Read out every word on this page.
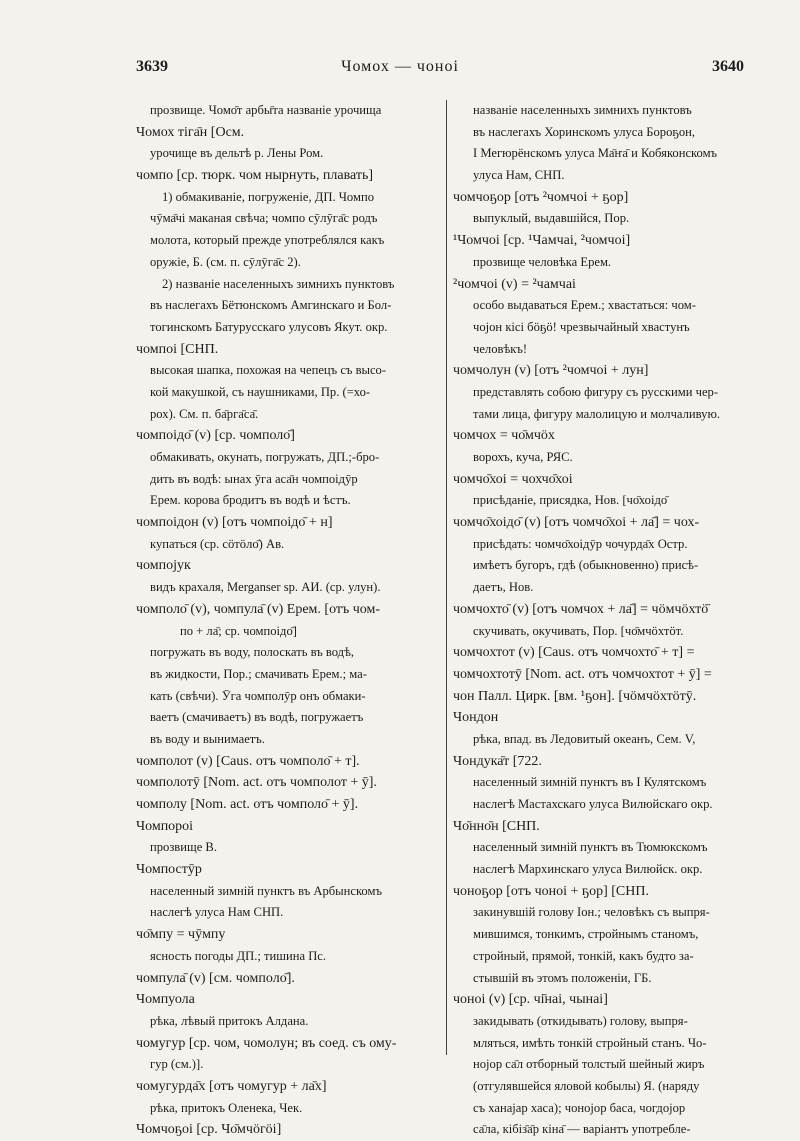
3639	Чомох — чоноі	3640
прозвище. Чомо̄т арбы̄та названіе урочища
Чомох тіга̄н [Осм.
урочище въ дельтѣ р. Лены Ром.
чомпо [ср. тюрк. чом нырнуть, плавать]
1) обмакиваніе, погруженіе, ДП. Чомпо
чӯма̄чі маканая свѣча; чомпо сӯлӯга̄с родъ
молота, который прежде употреблялся какъ
оружіе, Б. (см. п. сӯлӯга̄с 2).
2) названіе населенныхъ зимнихъ пунктовъ
въ наслегахъ Бётюнскомъ Амгинскаго и Бол-
тогинскомъ Батурусскаго улусовъ Якут. окр.
чомпоі [СНП.
высокая шапка, похожая на чепецъ съ высо-
кой макушкой, съ наушниками, Пр. (=хо-
рох). См. п. ба̄рга̄са̄.
чомпоідо̄ (v) [ср. чомполо̄]
обмакивать, окунать, погружать, ДП.;-бро-
дить въ водѣ: ынах ӯга аса̄н чомпоідӯр
Ерем. корова бродитъ въ водѣ и ѣстъ.
чомпоідон (v) [отъ чомпоідо̄ + н]
купаться (ср. сӧтӧло̄) Ав.
чомпоjук
видъ крахаля, Merganser sp. АИ. (ср. улун).
чомполо̄ (v), чомпула̄ (v) Ерем. [отъ чом-
по + ла̄; ср. чомпоідо̄]
погружать въ воду, полоскать въ водѣ,
въ жидкости, Пор.; смачивать Ерем.; ма-
кать (свѣчи). Ӯга чомполӯр онъ обмаки-
ваетъ (смачиваетъ) въ водѣ, погружаетъ
въ воду и вынимаетъ.
чомполот (v) [Caus. отъ чомполо̄ + т].
чомполотӯ [Nom. act. отъ чомполот + ӯ].
чомполу [Nom. act. отъ чомполо̄ + ӯ].
Чомпороі
прозвище В.
Чомпостӯр
населенный зимній пунктъ въ Арбынскомъ
наслегѣ улуса Нам СНП.
чо̄мпу = чӯмпу
ясность погоды ДП.; тишина Пс.
чомпула̄ (v) [см. чомполо̄].
Чомпуола
рѣка, лѣвый притокъ Алдана.
чомугур [ср. чом, чомолун; въ соед. съ ому-
гур (см.)].
чомугурда̄х [отъ чомугур + ла̄х]
рѣка, притокъ Оленека, Чек.
Чомчоҕоі [ср. Чо̄мчӧгӧі]
названіе населенныхъ зимнихъ пунктовъ
въ наслегахъ Хоринскомъ улуса Бороҕон,
I Мегюрёнскомъ улуса Ма̄ҥа̄ и Кобяконскомъ
улуса Нам, СНП.
чомчоҕор [отъ ²чомчоі + ҕор]
выпуклый, выдавшійся, Пор.
¹Чомчоі [ср. ¹Чамчаі, ²чомчоі]
прозвище человѣка Ерем.
²чомчоі (v) = ²чамчаі
особо выдаваться Ерем.; хвастаться: чом-
чоjон кісі бӧҕӧ! чрезвычайный хвастунъ
человѣкъ!
чомчолун (v) [отъ ²чомчоі + лун]
представлять собою фигуру съ русскими чер-
тами лица, фигуру малолицую и молчаливую.
чомчох = чо̄мчӧх
ворохъ, куча, РЯС.
чомчо̄хоі = чохчо̄хоі
присѣданіе, присядка, Нов. [чо̄хоідо̄
чомчо̄хоідо̄ (v) [отъ чомчо̄хоі + ла̄] = чох-
присѣдать: чомчо̄хоідӯр чочурда̄х Остр.
имѣетъ бугоръ, гдѣ (обыкновенно) присѣ-
даетъ, Нов.
чомчохто̄ (v) [отъ чомчох + ла̄] = чӧмчӧхтӧ̄
скучивать, окучивать, Пор. [чо̄мчӧхтӧт.
чомчохтот (v) [Caus. отъ чомчохто̄ + т] =
чомчохтотӯ [Nom. act. отъ чомчохтот + ӯ] =
чон Палл. Цирк. [вм. ¹ҕон]. [чӧмчӧхтӧтӯ.
Чондон
рѣка, впад. въ Ледовитый океанъ, Сем. V,
Чондука̄т [722.
населенный зимній пунктъ въ I Кулятскомъ
наслегѣ Мастахскаго улуса Вилюйскаго окр.
Чо̄нно̄н [СНП.
населенный зимній пунктъ въ Тюмюкскомъ
наслегѣ Мархинскаго улуса Вилюйск. окр.
чоноҕор [отъ чоноі + ҕор] [СНП.
закинувшій голову Іон.; человѣкъ съ выпря-
мившимся, тонкимъ, стройнымъ станомъ,
стройный, прямой, тонкій, какъ будто за-
стывшій въ этомъ положеніи, ГБ.
чоноі (v) [ср. чі̄наі, чынаі]
закидывать (откидывать) голову, выпря-
мляться, имѣть тонкій стройный станъ. Чо-
ноjор са̄л отборный толстый шейный жиръ
(отгулявшейся яловой кобылы) Я. (наряду
съ ханаjар хаса); чоноjор баса, чогдоjор
са̄ла, кібіз̄а̄р кіна̄ — варіантъ употребле-
